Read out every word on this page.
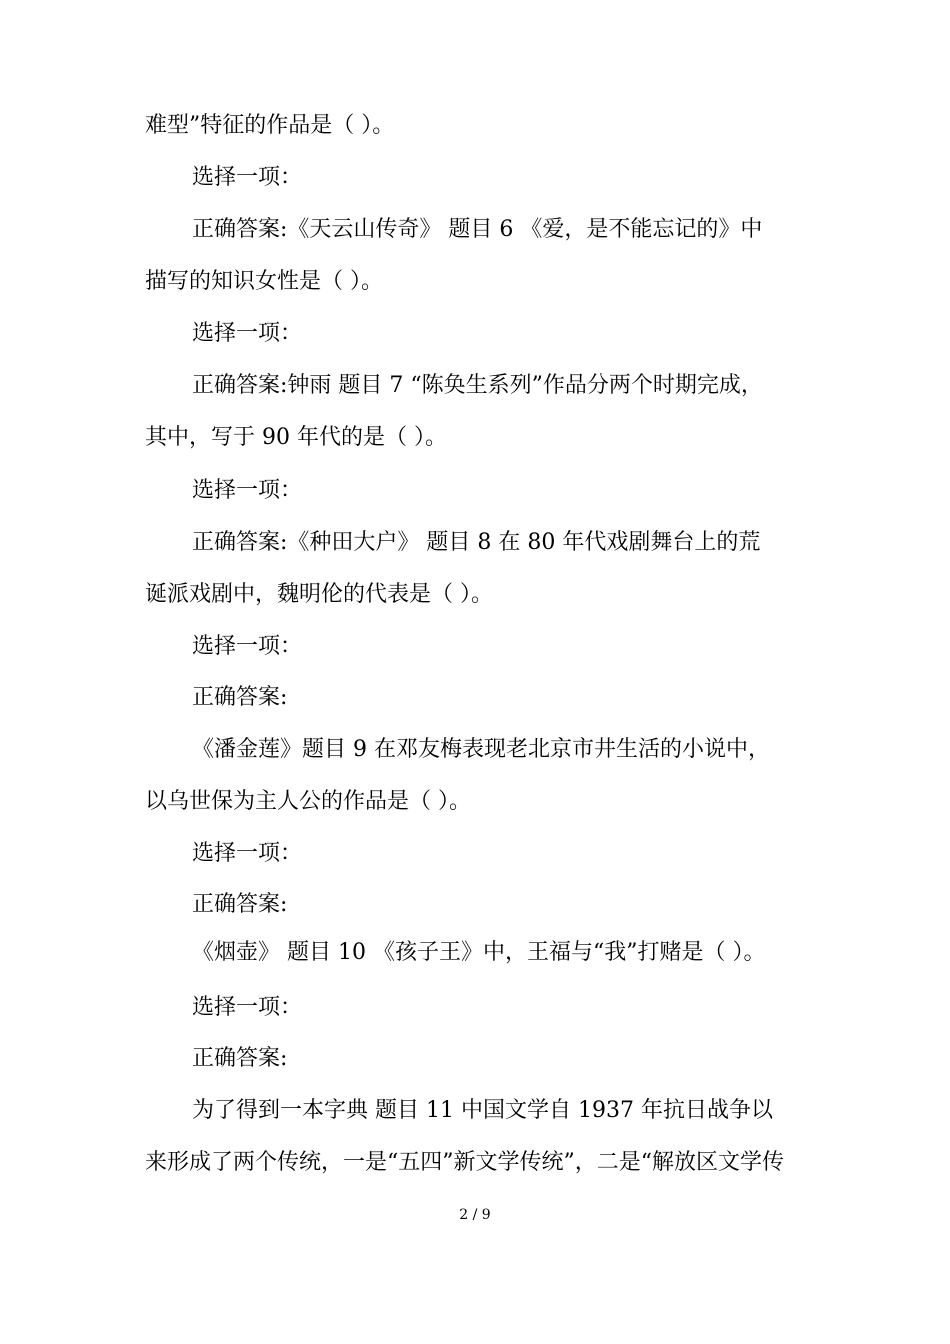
难型”特征的作品是（ ）。
选择一项：
正确答案:《天云山传奇》 题目 6 《爱，是不能忘记的》中
描写的知识女性是（ ）。
选择一项：
正确答案:钟雨 题目 7 “陈奂生系列”作品分两个时期完成，
其中，写于 90 年代的是（ ）。
选择一项：
正确答案:《种田大户》 题目 8 在 80 年代戏剧舞台上的荒
诞派戏剧中，魏明伦的代表是（ ）。
选择一项：
正确答案:
《潘金莲》题目 9 在邓友梅表现老北京市井生活的小说中，
以乌世保为主人公的作品是（ ）。
选择一项：
正确答案:
《烟壶》 题目 10 《孩子王》中，王福与“我”打赌是（ ）。
选择一项：
正确答案:
为了得到一本字典 题目 11 中国文学自 1937 年抗日战争以
来形成了两个传统，一是“五四”新文学传统”，二是“解放区文学传
2 / 9
